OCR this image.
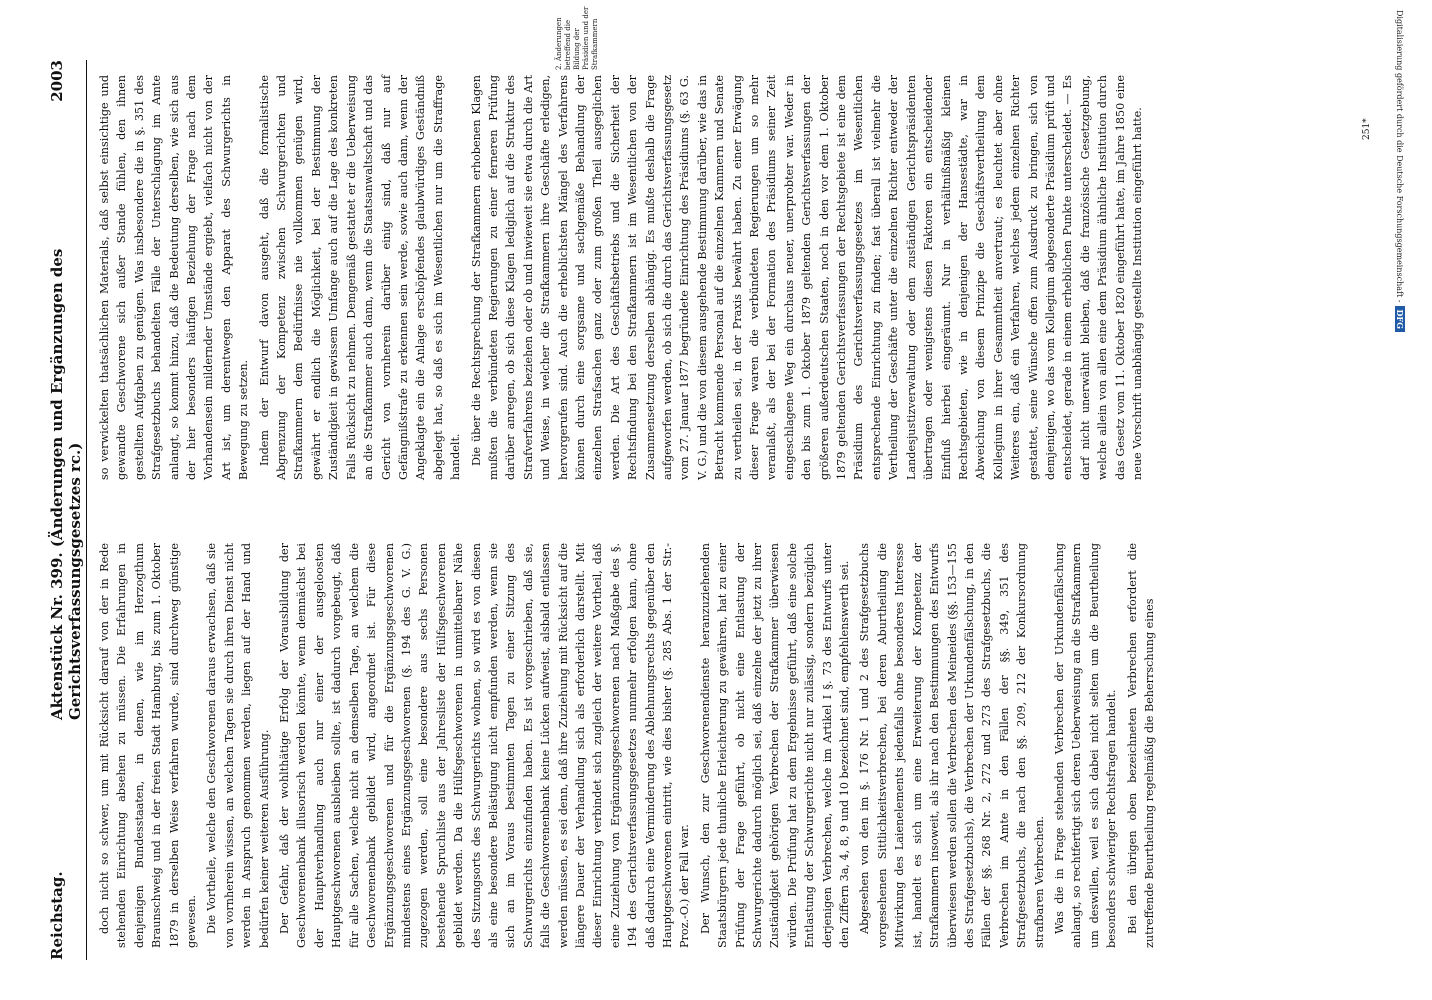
Reichstag.
Aktenstück Nr. 399. (Änderungen und Ergänzungen des Gerichtsverfassungsgesetzes rc.)
2003

doch nicht so schwer, um mit Rücksicht darauf von der in Rede stehenden Einrichtung absehen zu müssen. Die Erfahrungen in denjenigen Bundesstaaten, in denen, wie im Herzogthum Braunschweig und in der freien Stadt Hamburg, bis zum 1. Oktober 1879 in derselben Weise verfahren wurde, sind durchweg günstige gewesen. Die Vortheile, welche den Geschworenen daraus erwachsen, daß sie von vornherein wissen, an welchen Tagen sie durch ihren Dienst nicht werden in Anspruch genommen werden, liegen auf der Hand und bedürfen keiner weiteren Ausführung. Der Gefahr, daß der wohlthätige Erfolg der Vorausbildung der Geschworenenbank illusorisch werden könnte, wenn demnächst bei der Hauptverhandlung auch nur einer der ausgeloosten Hauptgeschworenen ausbleiben sollte, ist dadurch vorgebeugt, daß für alle Sachen, welche nicht an demselben Tage, an welchem die Geschworenenbank gebildet wird, angeordnet ist. Für diese Ergänzungsgeschworenen und für die Ergänzungsgeschworenen mindestens eines Ergänzungsgeschworenen (§. 194 des G. V. G.) zugezogen werden, soll eine besondere aus sechs Personen bestehende Spruchliste aus der Jahresliste der Hülfsgeschworenen gebildet werden. Da die Hülfsgeschworenen in unmittelbarer Nähe des Sitzungsorts des Schwurgerichts wohnen, so wird es von diesen als eine besondere Belästigung nicht empfunden werden, wenn sie sich an im Voraus bestimmten Tagen zu einer Sitzung des Schwurgerichts einzufinden haben. Es ist vorgeschrieben, daß sie, falls die Geschworenenbank keine Lücken aufweist, alsbald entlassen werden müssen, es sei denn, daß ihre Zuziehung mit Rücksicht auf die längere Dauer der Verhandlung sich als erforderlich darstellt. Mit dieser Einrichtung verbindet sich zugleich der weitere Vortheil, daß eine Zuziehung von Ergänzungsgeschworenen nach Maßgabe des §. 194 des Gerichtsverfassungsgesetzes nunmehr erfolgen kann, ohne daß dadurch eine Verminderung des Ablehnungsrechts gegenüber den Hauptgeschworenen eintritt, wie dies bisher (§. 285 Abs. 1 der Str.-Proz.-O.) der Fall war. Der Wunsch, den zur Geschworenendienste heranzuziehenden Staatsbürgern jede thunliche Erleichterung zu gewähren, hat zu einer Prüfung der Frage geführt, ob nicht eine Entlastung der Schwurgerichte dadurch möglich sei, daß einzelne der jetzt zu ihrer Zuständigkeit gehörigen Verbrechen der Strafkammer überwiesen würden. Die Prüfung hat zu dem Ergebnisse geführt, daß eine solche Entlastung der Schwurgerichte nicht nur zulässig, sondern bezüglich derjenigen Verbrechen, welche im Artikel I §. 73 des Entwurfs unter den Ziffern 3a, 4, 8, 9 und 10 bezeichnet sind, empfehlenswerth sei. Abgesehen von den im §. 176 Nr. 1 und 2 des Strafgesetzbuchs vorgesehenen Sittlichkeitsverbrechen, bei deren Aburtheilung die Mitwirkung des Laienelements jedenfalls ohne besonderes Interesse ist, handelt es sich um eine Erweiterung der Kompetenz der Strafkammern insoweit, als ihr nach den Bestimmungen des Entwurfs überwiesen werden sollen die Verbrechen des Meineides (§§. 153—155 des Strafgesetzbuchs), die Verbrechen der Urkundenfälschung, in den Fällen der §§. 268 Nr. 2, 272 und 273 des Strafgesetzbuchs, die Verbrechen im Amte in den Fällen der §§. 349, 351 des Strafgesetzbuchs, die nach den §§. 209, 212 der Konkursordnung strafbaren Verbrechen. Was die in Frage stehenden Verbrechen der Urkundenfälschung anlangt, so rechtfertigt sich deren Ueberweisung an die Strafkammern um deswillen, weil es sich dabei nicht selten um die Beurtheilung besonders schwieriger Rechtsfragen handelt. Bei den übrigen oben bezeichneten Verbrechen erfordert die zutreffende Beurtheilung regelmäßig die Beherrschung eines

so verwickelten thatsächlichen Materials, daß selbst einsichtige und gewandte Geschworene sich außer Stande fühlen, den ihnen gestellten Aufgaben zu genügen. Was insbesondere die in §. 351 des Strafgesetzbuchs behandelten Fälle der Unterschlagung im Amte anlangt, so kommt hinzu, daß die Bedeutung derselben, wie sich aus der hier besonders häufigen Beziehung der Frage nach dem Vorhandensein mildernder Umstände ergiebt, vielfach nicht von der Art ist, um derentwegen den Apparat des Schwurgerichts in Bewegung zu setzen. Indem der Entwurf davon ausgeht, daß die formalistische Abgrenzung der Kompetenz zwischen Schwurgerichten und Strafkammern dem Bedürfnisse nie vollkommen genügen wird, gewährt er endlich die Möglichkeit, bei der Bestimmung der Zuständigkeit in gewissem Umfange auch auf die Lage des konkreten Falls Rücksicht zu nehmen. Demgemäß gestattet er die Ueberweisung an die Strafkammer auch dann, wenn die Staatsanwaltschaft und das Gericht von vornherein darüber einig sind, daß nur auf Gefängnißstrafe zu erkennen sein werde, sowie auch dann, wenn der Angeklagte ein die Anlage erschöpfendes glaubwürdiges Geständniß abgelegt hat, so daß es sich im Wesentlichen nur um die Straffrage handelt. Die über die Rechtsprechung der Strafkammern erhobenen Klagen mußten die verbündeten Regierungen zu einer ferneren Prüfung darüber anregen, ob sich diese Klagen lediglich auf die Struktur des Strafverfahrens beziehen oder ob und inwieweit sie etwa durch die Art und Weise, in welcher die Strafkammern ihre Geschäfte erledigen, hervorgerufen sind. Auch die erheblichsten Mängel des Verfahrens können durch eine sorgsame und sachgemäße Behandlung der einzelnen Strafsachen ganz oder zum großen Theil ausgeglichen werden. Die Art des Geschäftsbetriebs und die Sicherheit der Rechtsfindung bei den Strafkammern ist im Wesentlichen von der Zusammensetzung derselben abhängig. Es mußte deshalb die Frage aufgeworfen werden, ob sich die durch das Gerichtsverfassungsgesetz vom 27. Januar 1877 begründete Einrichtung des Präsidiums (§. 63 G. V. G.) und die von diesem ausgehende Bestimmung darüber, wie das in Betracht kommende Personal auf die einzelnen Kammern und Senate zu vertheilen sei, in der Praxis bewährt haben. Zu einer Erwägung dieser Frage waren die verbündeten Regierungen um so mehr veranlaßt, als der bei der Formation des Präsidiums seiner Zeit eingeschlagene Weg ein durchaus neuer, unerprobter war. Weder in den bis zum 1. Oktober 1879 geltenden Gerichtsverfassungen der größeren außerdeutschen Staaten, noch in den vor dem 1. Oktober 1879 geltenden Gerichtsverfassungen der Rechtsgebiete ist eine dem Präsidium des Gerichtsverfassungsgesetzes im Wesentlichen entsprechende Einrichtung zu finden; fast überall ist vielmehr die Vertheilung der Geschäfte unter die einzelnen Richter entweder der Landesjustizverwaltung oder dem zuständigen Gerichtspräsidenten übertragen oder wenigstens diesen Faktoren ein entscheidender Einfluß hierbei eingeräumt. Nur in verhältnißmäßig kleinen Rechtsgebieten, wie in denjenigen der Hansestädte, war in Abweichung von diesem Prinzipe die Geschäftsvertheilung dem Kollegium in ihrer Gesammtheit anvertraut; es leuchtet aber ohne Weiteres ein, daß ein Verfahren, welches jedem einzelnen Richter gestattet, seine Wünsche offen zum Ausdruck zu bringen, sich von demjenigen, wo das vom Kollegium abgesonderte Präsidium prüft und entscheidet, gerade in einem erheblichen Punkte unterscheidet. — Es darf nicht unerwähnt bleiben, daß die französische Gesetzgebung, welche allein von allen eine dem Präsidium ähnliche Institution durch das Gesetz vom 11. Oktober 1820 eingeführt hatte, im Jahre 1850 eine neue Vorschrift unabhängig gestellte Institution eingeführt hatte.

2. Änderungen betreffend die Bildung der Präsidien und der Strafkammern
251*	Digitalisierung gefördert durch die Deutsche Forschungsgemeinschaft -DFG
